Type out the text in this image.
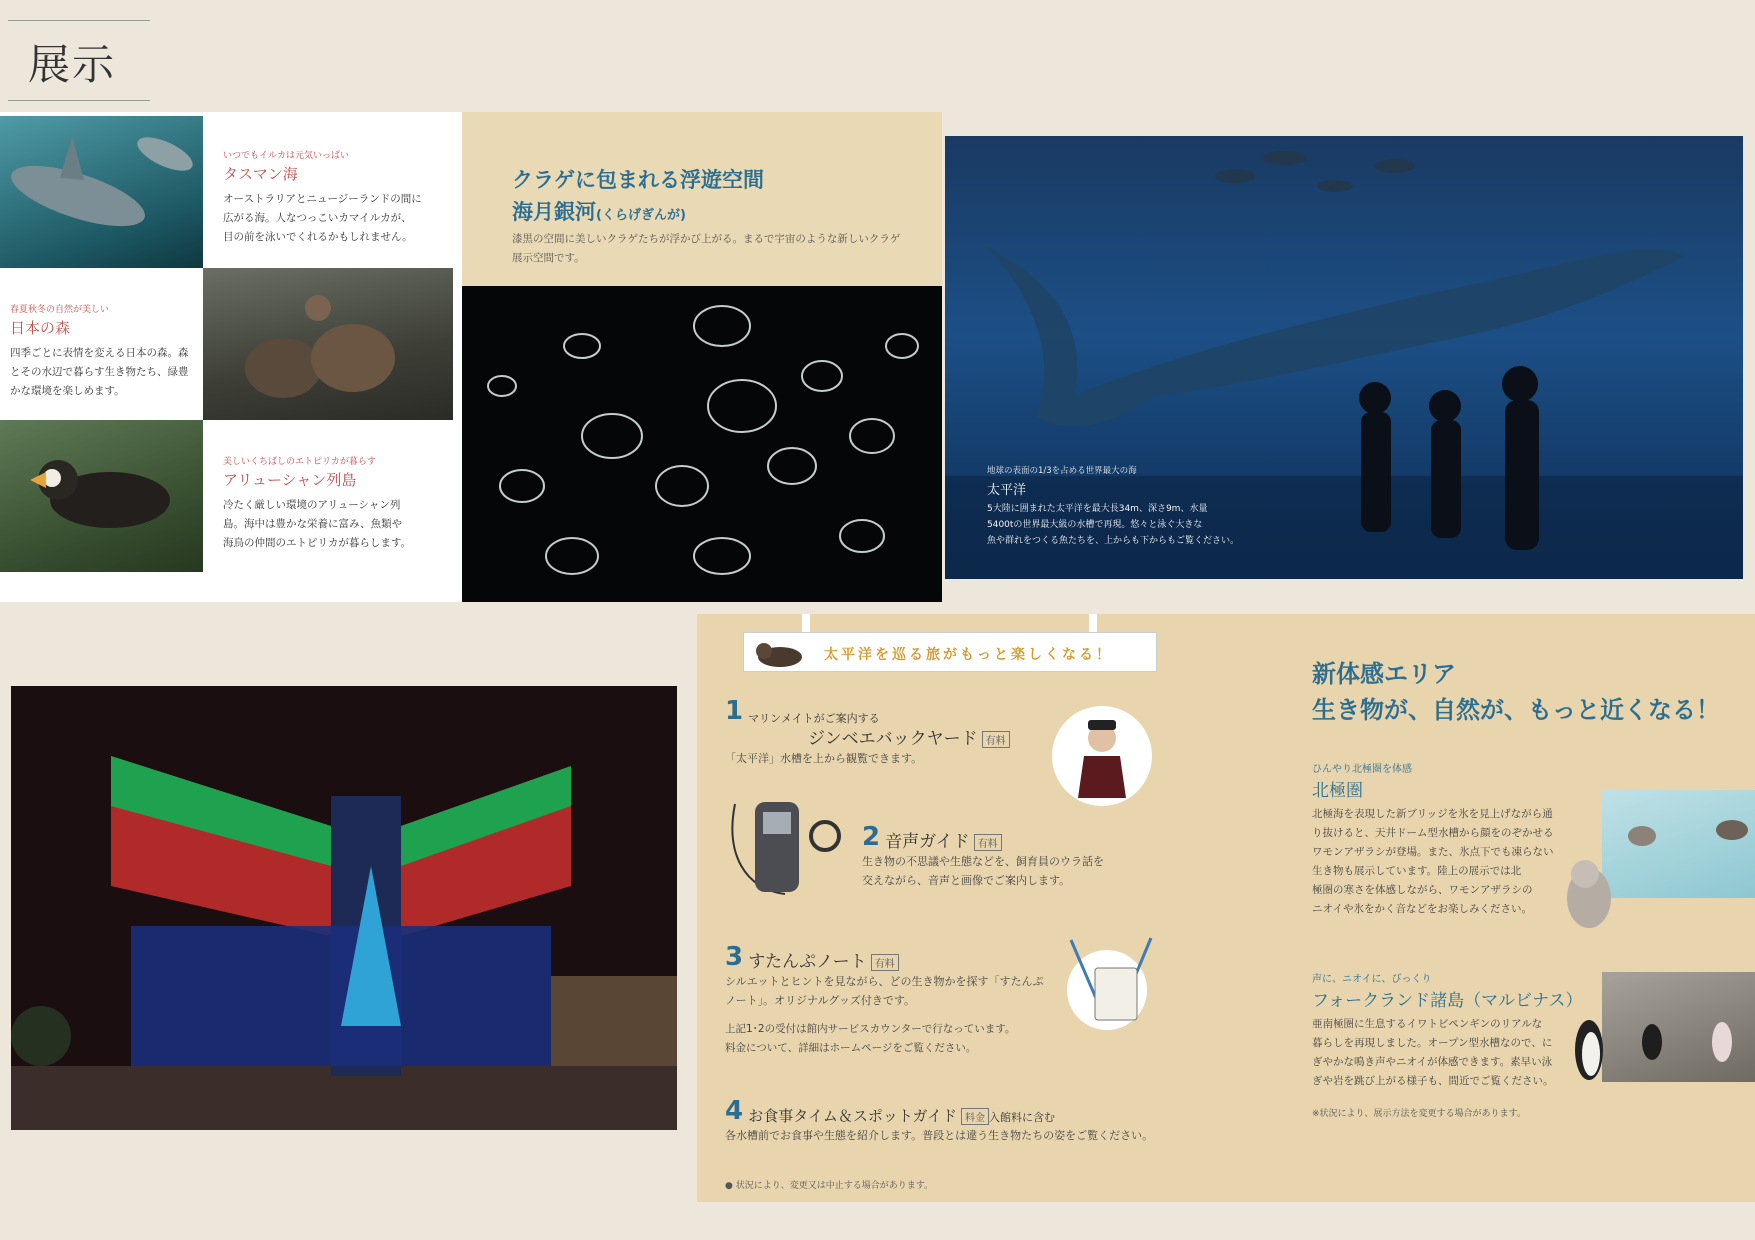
展示
いつでもイルカは元気いっぱい
タスマン海
オーストラリアとニュージーランドの間に
広がる海。人なつっこいカマイルカが、
目の前を泳いでくれるかもしれません。
春夏秋冬の自然が美しい
日本の森
四季ごとに表情を変える日本の森。森
とその水辺で暮らす生き物たち、緑豊
かな環境を楽しめます。
美しいくちばしのエトピリカが暮らす
アリューシャン列島
冷たく厳しい環境のアリューシャン列
島。海中は豊かな栄養に富み、魚類や
海鳥の仲間のエトピリカが暮らします。
クラゲに包まれる浮遊空間
海月銀河(くらげぎんが)
漆黒の空間に美しいクラゲたちが浮かび上がる。まるで宇宙のような新しいクラゲ
展示空間です。
地球の表面の1/3を占める世界最大の海
太平洋
5大陸に囲まれた太平洋を最大長34m、深さ9m、水量
5400tの世界最大級の水槽で再現。悠々と泳ぐ大きな
魚や群れをつくる魚たちを、上からも下からもご覧ください。
太平洋を巡る旅がもっと楽しくなる！
1 マリンメイトがご案内する
ジンベエバックヤード 有料
「太平洋」水槽を上から観覧できます。
2 音声ガイド 有料
生き物の不思議や生態などを、飼育員のウラ話を
交えながら、音声と画像でご案内します。
3 すたんぷノート 有料
シルエットとヒントを見ながら、どの生き物かを探す「すたんぷ
ノート」。オリジナルグッズ付きです。
上記1･2の受付は館内サービスカウンターで行なっています。
料金について、詳細はホームページをご覧ください。
4 お食事タイム＆スポットガイド 料金 入館料に含む
各水槽前でお食事や生態を紹介します。普段とは違う生き物たちの姿をご覧ください。
● 状況により、変更又は中止する場合があります。
新体感エリア
生き物が、自然が、もっと近くなる！
ひんやり北極圏を体感
北極圏
北極海を表現した新ブリッジを氷を見上げながら通
り抜けると、天井ドーム型水槽から顔をのぞかせる
ワモンアザラシが登場。また、氷点下でも凍らない
生き物も展示しています。陸上の展示では北
極圏の寒さを体感しながら、ワモンアザラシの
ニオイや氷をかく音などをお楽しみください。
声に、ニオイに、びっくり
フォークランド諸島（マルビナス）
亜南極圏に生息するイワトビペンギンのリアルな
暮らしを再現しました。オープン型水槽なので、に
ぎやかな鳴き声やニオイが体感できます。素早い泳
ぎや岩を跳び上がる様子も、間近でご覧ください。
※状況により、展示方法を変更する場合があります。
